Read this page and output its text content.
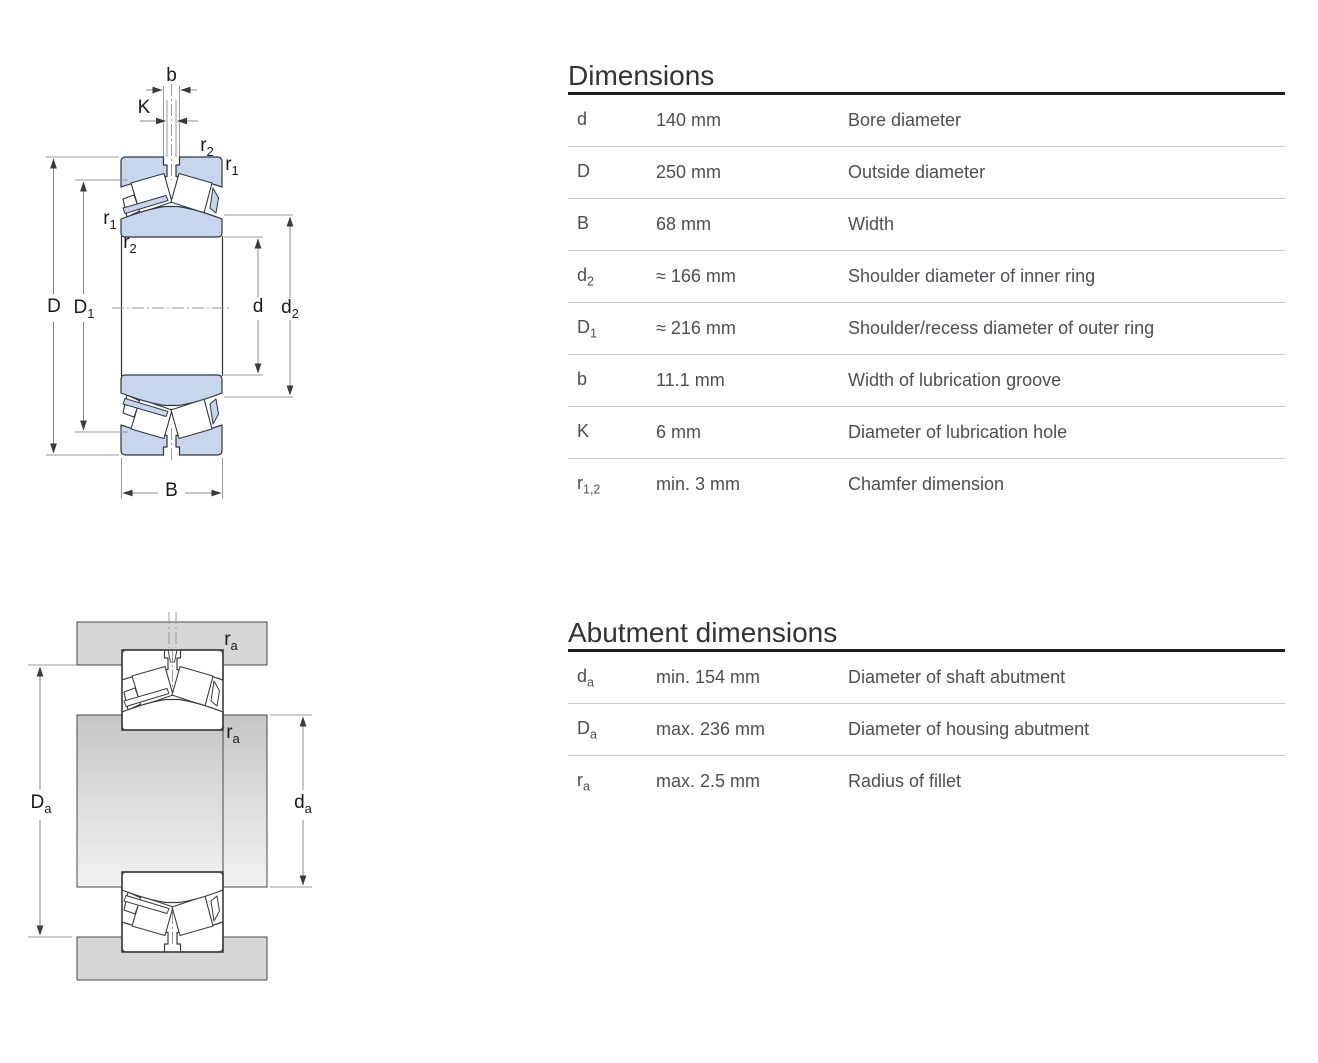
b
K
$r_2$
$r_1$
$r_1$
$r_2$
D $D_1$	d $d_2$
B
$r_a$
$r_a$
$D_a$	$d_a$
Dimensions
d	140 mm	Bore diameter
D	250 mm	Outside diameter
B	68 mm	Width
$d_2$	≈ 166 mm	Shoulder diameter of inner ring
$D_1$	≈ 216 mm	Shoulder/recess diameter of outer ring
b	11.1 mm	Width of lubrication groove
K	6 mm	Diameter of lubrication hole
$r_{1,2}$	min. 3 mm	Chamfer dimension
Abutment dimensions
$d_a$	min. 154 mm	Diameter of shaft abutment
$D_a$	max. 236 mm	Diameter of housing abutment
$r_a$	max. 2.5 mm	Radius of fillet
